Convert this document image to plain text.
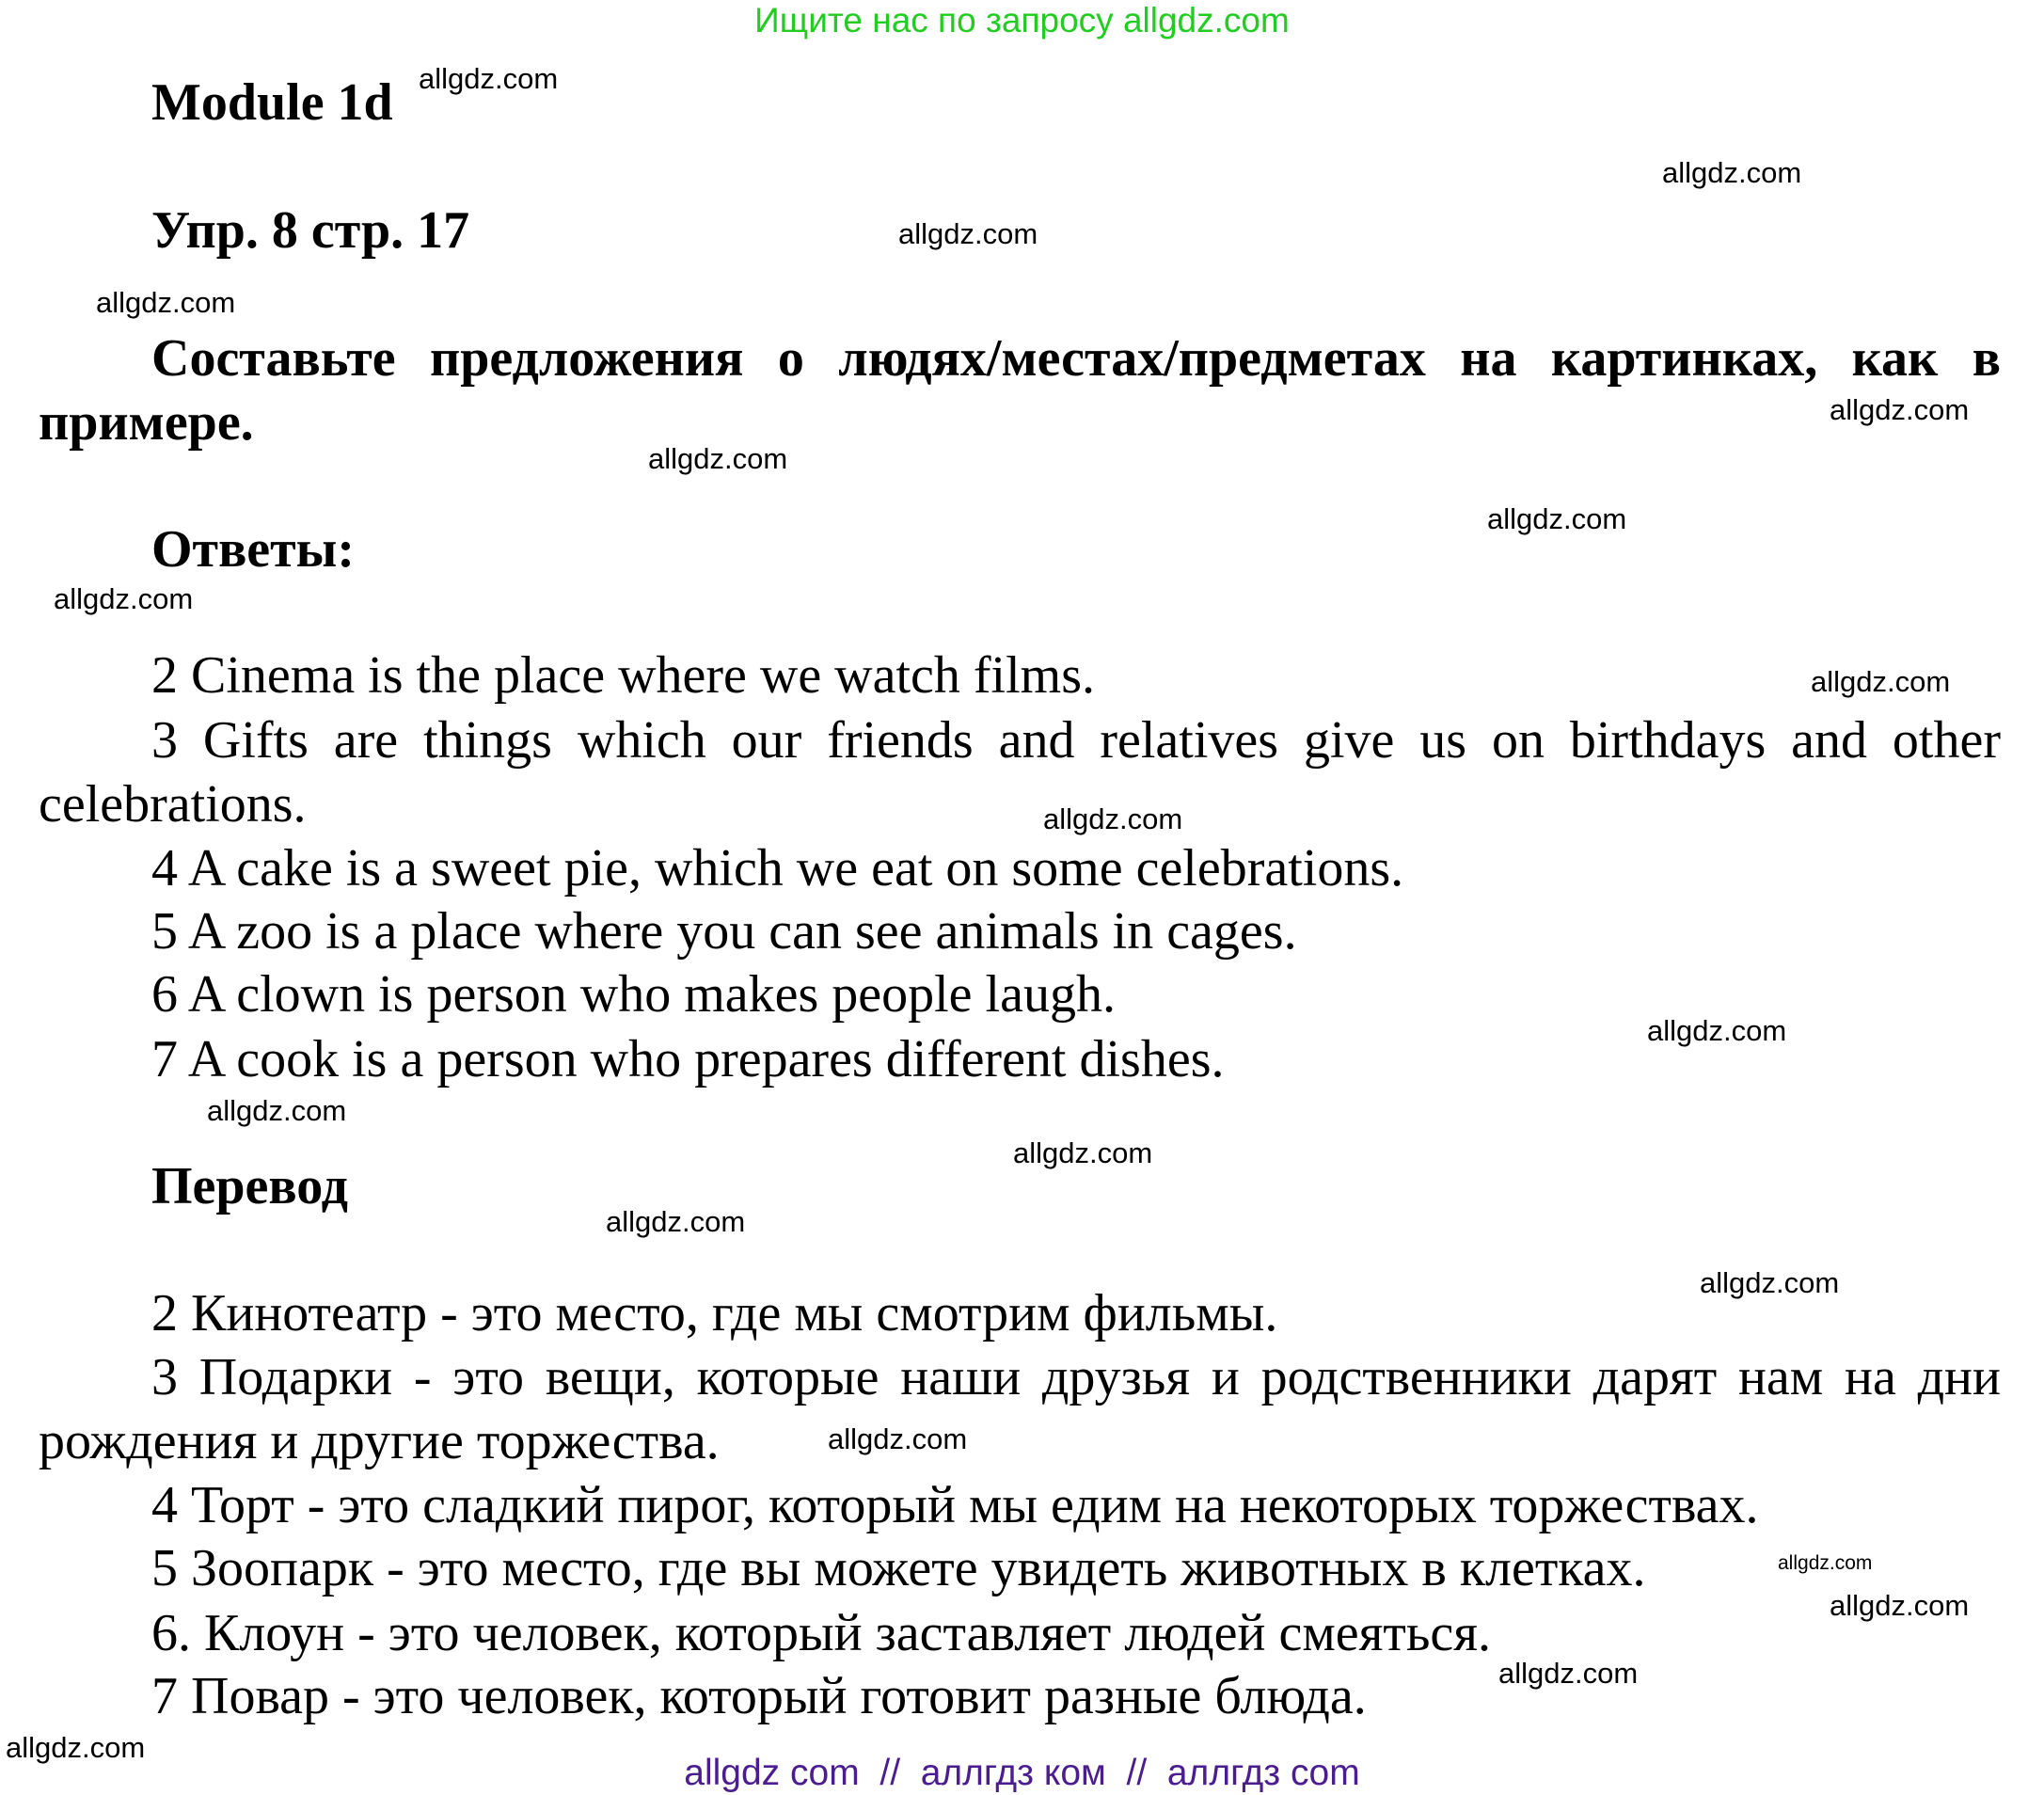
Ищите нас по запросу allgdz.com
Module 1d
Упр. 8 стр. 17
Составьте предложения о людях/местах/предметах на картинках, как в примере.
Ответы:
2 Cinema is the place where we watch films.
3 Gifts are things which our friends and relatives give us on birthdays and other celebrations.
4 A cake is a sweet pie, which we eat on some celebrations.
5 A zoo is a place where you can see animals in cages.
6 A clown is person who makes people laugh.
7 A cook is a person who prepares different dishes.
Перевод
2 Кинотеатр - это место, где мы смотрим фильмы.
3 Подарки - это вещи, которые наши друзья и родственники дарят нам на дни рождения и другие торжества.
4 Торт - это сладкий пирог, который мы едим на некоторых торжествах.
5 Зоопарк - это место, где вы можете увидеть животных в клетках.
6. Клоун - это человек, который заставляет людей смеяться.
7 Повар - это человек, который готовит разные блюда.
allgdz.com
allgdz.com
allgdz.com
allgdz.com
allgdz.com
allgdz.com
allgdz.com
allgdz.com
allgdz.com
allgdz.com
allgdz.com
allgdz.com
allgdz.com
allgdz.com
allgdz.com
allgdz.com
allgdz.com
allgdz.com
allgdz.com
allgdz.com
allgdz com  //  аллгдз ком  //  аллгдз com
